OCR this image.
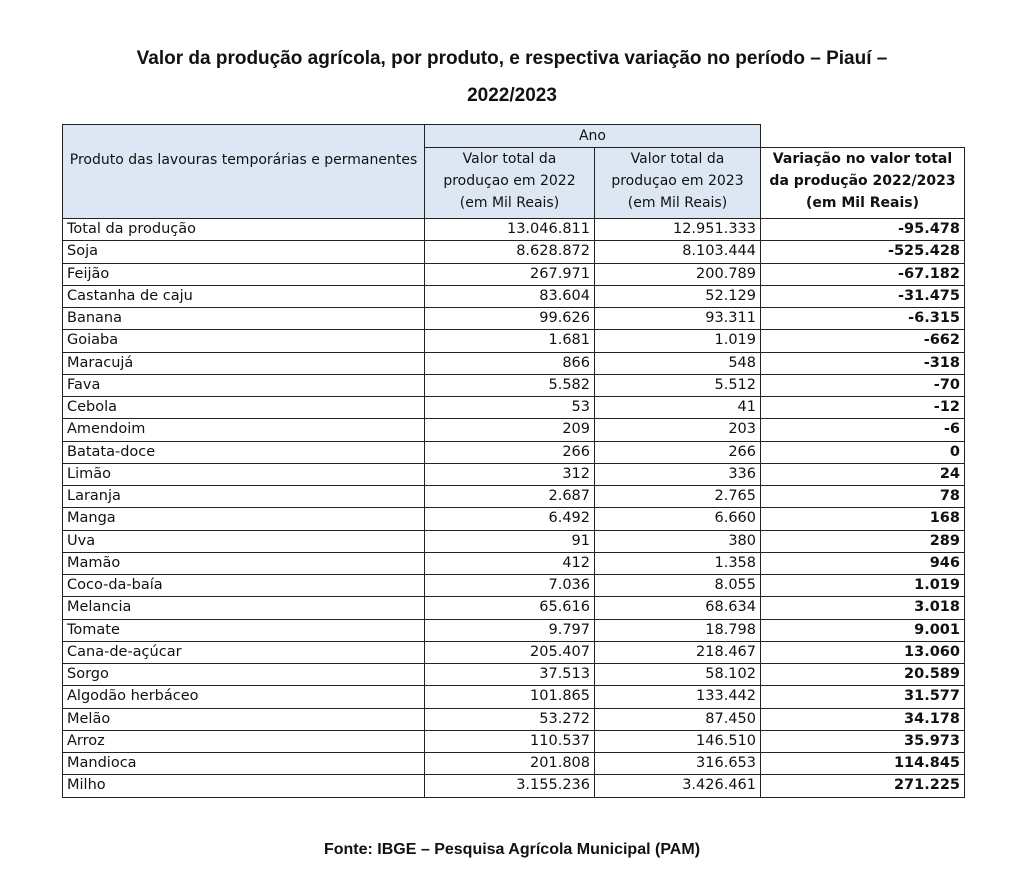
Valor da produção agrícola, por produto, e respectiva variação no período – Piauí –
2022/2023
Produto das lavouras temporárias e permanentes	Ano		
	Valor total da produçao em 2022 (em Mil Reais)	Valor total da produçao em 2023 (em Mil Reais)	Variação no valor total da produção 2022/2023 (em Mil Reais)
Total da produção	13.046.811	12.951.333	-95.478
Soja	8.628.872	8.103.444	-525.428
Feijão	267.971	200.789	-67.182
Castanha de caju	83.604	52.129	-31.475
Banana	99.626	93.311	-6.315
Goiaba	1.681	1.019	-662
Maracujá	866	548	-318
Fava	5.582	5.512	-70
Cebola	53	41	-12
Amendoim	209	203	-6
Batata-doce	266	266	0
Limão	312	336	24
Laranja	2.687	2.765	78
Manga	6.492	6.660	168
Uva	91	380	289
Mamão	412	1.358	946
Coco-da-baía	7.036	8.055	1.019
Melancia	65.616	68.634	3.018
Tomate	9.797	18.798	9.001
Cana-de-açúcar	205.407	218.467	13.060
Sorgo	37.513	58.102	20.589
Algodão herbáceo	101.865	133.442	31.577
Melão	53.272	87.450	34.178
Arroz	110.537	146.510	35.973
Mandioca	201.808	316.653	114.845
Milho	3.155.236	3.426.461	271.225
Fonte: IBGE – Pesquisa Agrícola Municipal (PAM)
